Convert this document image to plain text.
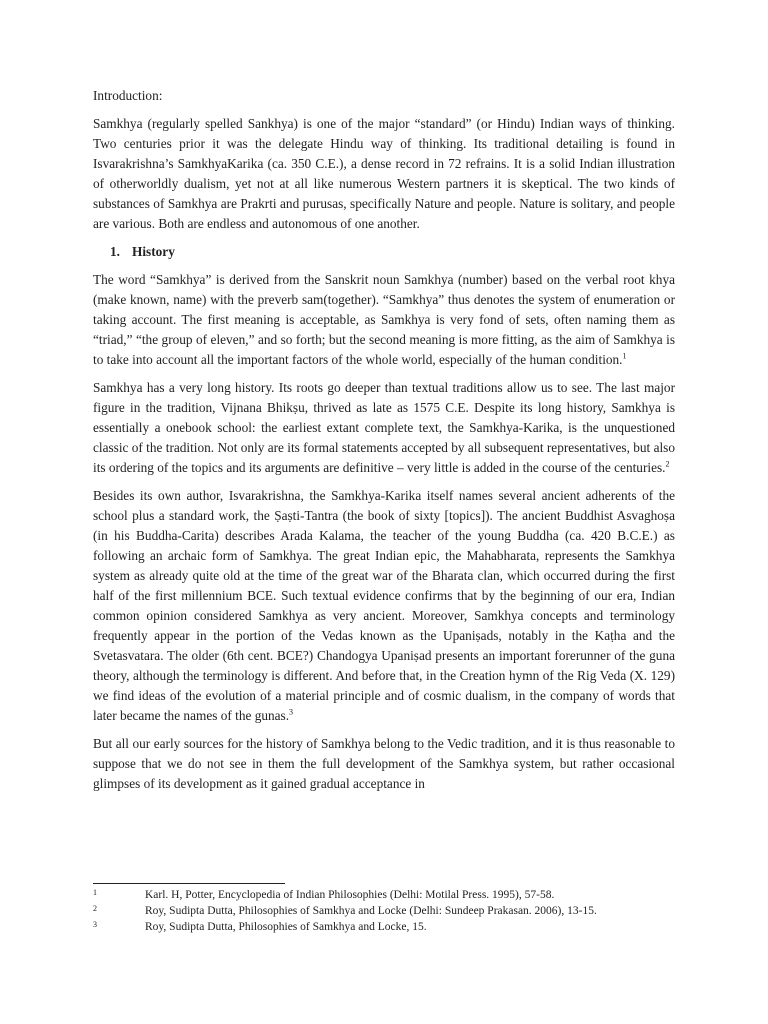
Introduction:

Samkhya (regularly spelled Sankhya) is one of the major “standard” (or Hindu) Indian ways of thinking. Two centuries prior it was the delegate Hindu way of thinking. Its traditional detailing is found in Isvarakrishna’s SamkhyaKarika (ca. 350 C.E.), a dense record in 72 refrains. It is a solid Indian illustration of otherworldly dualism, yet not at all like numerous Western partners it is skeptical. The two kinds of substances of Samkhya are Prakrti and purusas, specifically Nature and people. Nature is solitary, and people are various. Both are endless and autonomous of one another.

1. History

The word “Samkhya” is derived from the Sanskrit noun Samkhya (number) based on the verbal root khya (make known, name) with the preverb sam(together). “Samkhya” thus denotes the system of enumeration or taking account. The first meaning is acceptable, as Samkhya is very fond of sets, often naming them as “triad,” “the group of eleven,” and so forth; but the second meaning is more fitting, as the aim of Samkhya is to take into account all the important factors of the whole world, especially of the human condition.$^1$

Samkhya has a very long history. Its roots go deeper than textual traditions allow us to see. The last major figure in the tradition, Vijnana Bhikṣu, thrived as late as 1575 C.E. Despite its long history, Samkhya is essentially a onebook school: the earliest extant complete text, the Samkhya-Karika, is the unquestioned classic of the tradition. Not only are its formal statements accepted by all subsequent representatives, but also its ordering of the topics and its arguments are definitive – very little is added in the course of the centuries.$^2$

Besides its own author, Isvarakrishna, the Samkhya-Karika itself names several ancient adherents of the school plus a standard work, the Ṣaṣti-Tantra (the book of sixty [topics]). The ancient Buddhist Asvaghoṣa (in his Buddha-Carita) describes Arada Kalama, the teacher of the young Buddha (ca. 420 B.C.E.) as following an archaic form of Samkhya. The great Indian epic, the Mahabharata, represents the Samkhya system as already quite old at the time of the great war of the Bharata clan, which occurred during the first half of the first millennium BCE. Such textual evidence confirms that by the beginning of our era, Indian common opinion considered Samkhya as very ancient. Moreover, Samkhya concepts and terminology frequently appear in the portion of the Vedas known as the Upaniṣads, notably in the Kaṭha and the Svetasvatara. The older (6th cent. BCE?) Chandogya Upaniṣad presents an important forerunner of the guna theory, although the terminology is different. And before that, in the Creation hymn of the Rig Veda (X. 129) we find ideas of the evolution of a material principle and of cosmic dualism, in the company of words that later became the names of the gunas.$^3$

But all our early sources for the history of Samkhya belong to the Vedic tradition, and it is thus reasonable to suppose that we do not see in them the full development of the Samkhya system, but rather occasional glimpses of its development as it gained gradual acceptance in

1	Karl. H, Potter, Encyclopedia of Indian Philosophies (Delhi: Motilal Press. 1995), 57-58.
2	Roy, Sudipta Dutta, Philosophies of Samkhya and Locke (Delhi: Sundeep Prakasan. 2006), 13-15.
3	Roy, Sudipta Dutta, Philosophies of Samkhya and Locke, 15.
